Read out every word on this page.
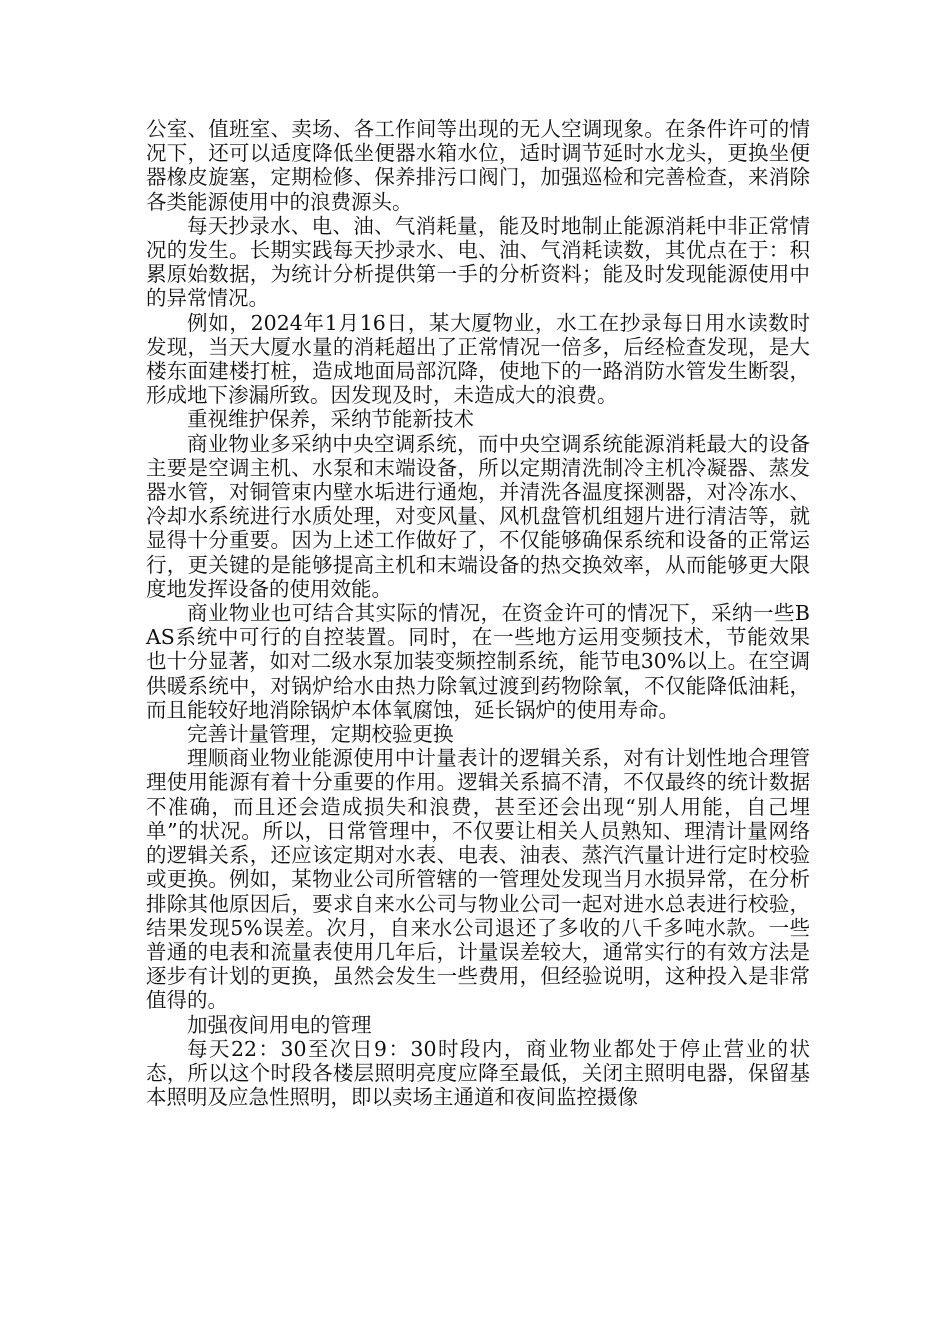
公室、值班室、卖场、各工作间等出现的无人空调现象。在条件许可的情况下，还可以适度降低坐便器水箱水位，适时调节延时水龙头，更换坐便器橡皮旋塞，定期检修、保养排污口阀门，加强巡检和完善检查，来消除各类能源使用中的浪费源头。

每天抄录水、电、油、气消耗量，能及时地制止能源消耗中非正常情况的发生。长期实践每天抄录水、电、油、气消耗读数，其优点在于：积累原始数据，为统计分析提供第一手的分析资料；能及时发现能源使用中的异常情况。

例如，2024年1月16日，某大厦物业，水工在抄录每日用水读数时发现，当天大厦水量的消耗超出了正常情况一倍多，后经检查发现，是大楼东面建楼打桩，造成地面局部沉降，使地下的一路消防水管发生断裂，形成地下渗漏所致。因发现及时，未造成大的浪费。

重视维护保养，采纳节能新技术

商业物业多采纳中央空调系统，而中央空调系统能源消耗最大的设备主要是空调主机、水泵和末端设备，所以定期清洗制冷主机冷凝器、蒸发器水管，对铜管束内壁水垢进行通炮，并清洗各温度探测器，对冷冻水、冷却水系统进行水质处理，对变风量、风机盘管机组翅片进行清洁等，就显得十分重要。因为上述工作做好了，不仅能够确保系统和设备的正常运行，更关键的是能够提高主机和末端设备的热交换效率，从而能够更大限度地发挥设备的使用效能。

商业物业也可结合其实际的情况，在资金许可的情况下，采纳一些BAS系统中可行的自控装置。同时，在一些地方运用变频技术，节能效果也十分显著，如对二级水泵加装变频控制系统，能节电30%以上。在空调供暖系统中，对锅炉给水由热力除氧过渡到药物除氧，不仅能降低油耗，而且能较好地消除锅炉本体氧腐蚀，延长锅炉的使用寿命。

完善计量管理，定期校验更换

理顺商业物业能源使用中计量表计的逻辑关系，对有计划性地合理管理使用能源有着十分重要的作用。逻辑关系搞不清，不仅最终的统计数据不准确，而且还会造成损失和浪费，甚至还会出现“别人用能，自己埋单”的状况。所以，日常管理中，不仅要让相关人员熟知、理清计量网络的逻辑关系，还应该定期对水表、电表、油表、蒸汽汽量计进行定时校验或更换。例如，某物业公司所管辖的一管理处发现当月水损异常，在分析排除其他原因后，要求自来水公司与物业公司一起对进水总表进行校验，结果发现5%误差。次月，自来水公司退还了多收的八千多吨水款。一些普通的电表和流量表使用几年后，计量误差较大，通常实行的有效方法是逐步有计划的更换，虽然会发生一些费用，但经验说明，这种投入是非常值得的。

加强夜间用电的管理

每天22：30至次日9：30时段内，商业物业都处于停止营业的状态，所以这个时段各楼层照明亮度应降至最低，关闭主照明电器，保留基本照明及应急性照明，即以卖场主通道和夜间监控摄像
